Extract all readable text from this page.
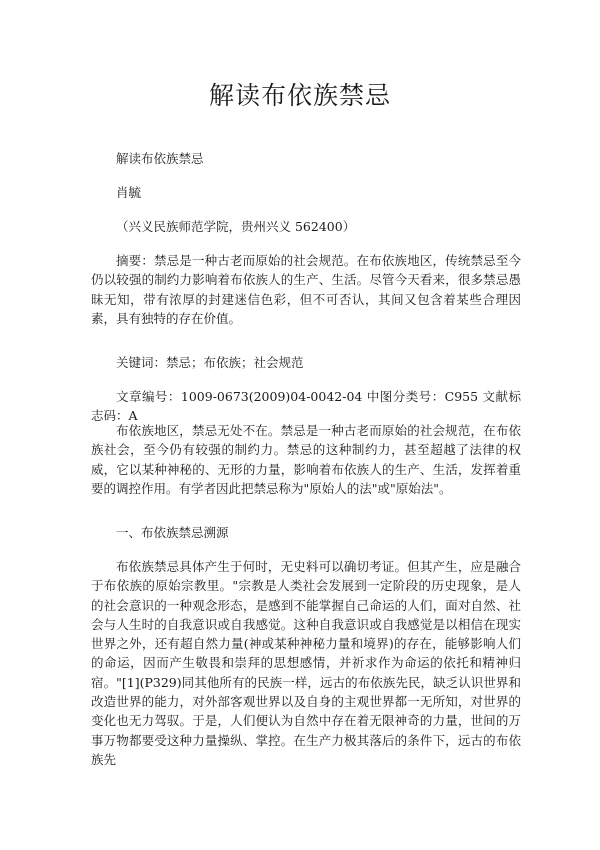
解读布依族禁忌

解读布依族禁忌

肖毓

（兴义民族师范学院，贵州兴义 562400）

摘要：禁忌是一种古老而原始的社会规范。在布依族地区，传统禁忌至今仍以较强的制约力影响着布依族人的生产、生活。尽管今天看来，很多禁忌愚昧无知，带有浓厚的封建迷信色彩，但不可否认，其间又包含着某些合理因素，具有独特的存在价值。

关键词：禁忌；布依族；社会规范

文章编号：1009-0673(2009)04-0042-04 中图分类号：C955 文献标志码：A

布依族地区，禁忌无处不在。禁忌是一种古老而原始的社会规范，在布依族社会，至今仍有较强的制约力。禁忌的这种制约力，甚至超越了法律的权威，它以某种神秘的、无形的力量，影响着布依族人的生产、生活，发挥着重要的调控作用。有学者因此把禁忌称为"原始人的法"或"原始法"。

一、布依族禁忌溯源

布依族禁忌具体产生于何时，无史料可以确切考证。但其产生，应是融合于布依族的原始宗教里。"宗教是人类社会发展到一定阶段的历史现象，是人的社会意识的一种观念形态，是感到不能掌握自己命运的人们，面对自然、社会与人生时的自我意识或自我感觉。这种自我意识或自我感觉是以相信在现实世界之外，还有超自然力量(神或某种神秘力量和境界)的存在，能够影响人们的命运，因而产生敬畏和崇拜的思想感情，并祈求作为命运的依托和精神归宿。"[1](P329)同其他所有的民族一样，远古的布依族先民，缺乏认识世界和改造世界的能力，对外部客观世界以及自身的主观世界都一无所知，对世界的变化也无力驾驭。于是，人们便认为自然中存在着无限神奇的力量，世间的万事万物都要受这种力量操纵、掌控。在生产力极其落后的条件下，远古的布依族先
